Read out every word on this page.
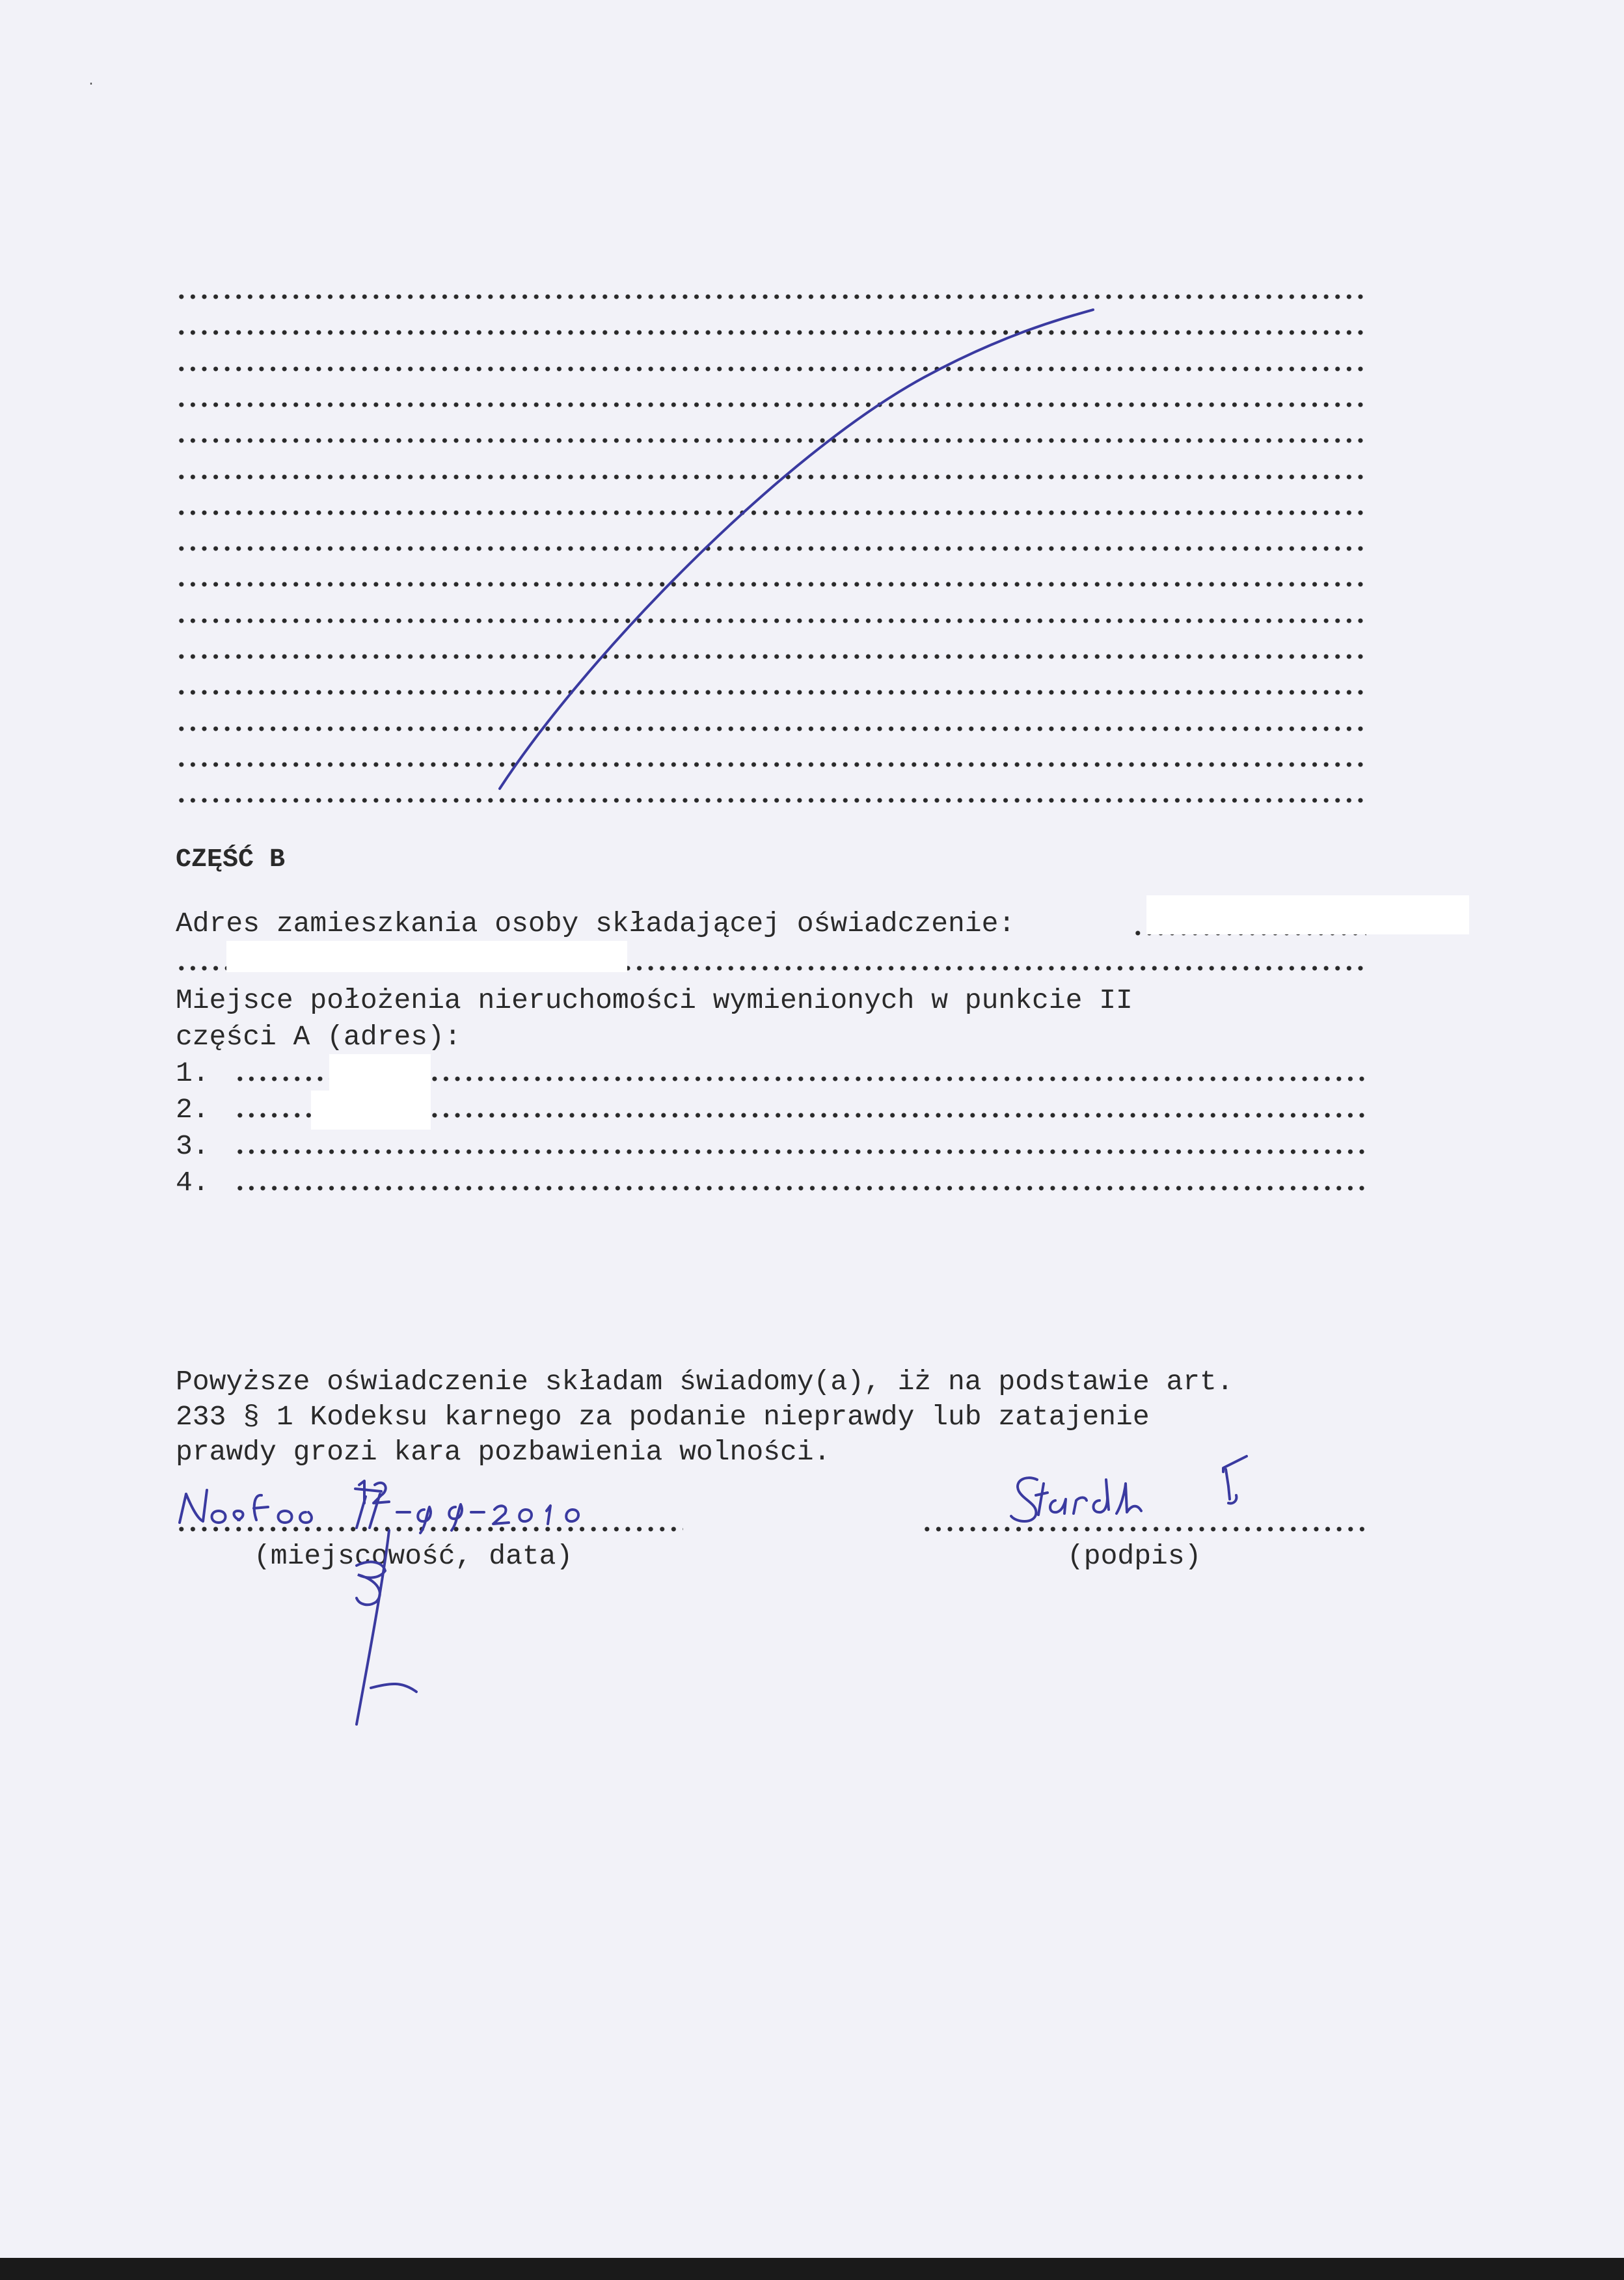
CZĘŚĆ B
Adres zamieszkania osoby składającej oświadczenie:
Miejsce położenia nieruchomości wymienionych w punkcie II
części A (adres):
1.
2.
3.
4.
Powyższe oświadczenie składam świadomy(a), iż na podstawie art.
233 § 1 Kodeksu karnego za podanie nieprawdy lub zatajenie
prawdy grozi kara pozbawienia wolności.
(miejscowość, data)	(podpis)
·
